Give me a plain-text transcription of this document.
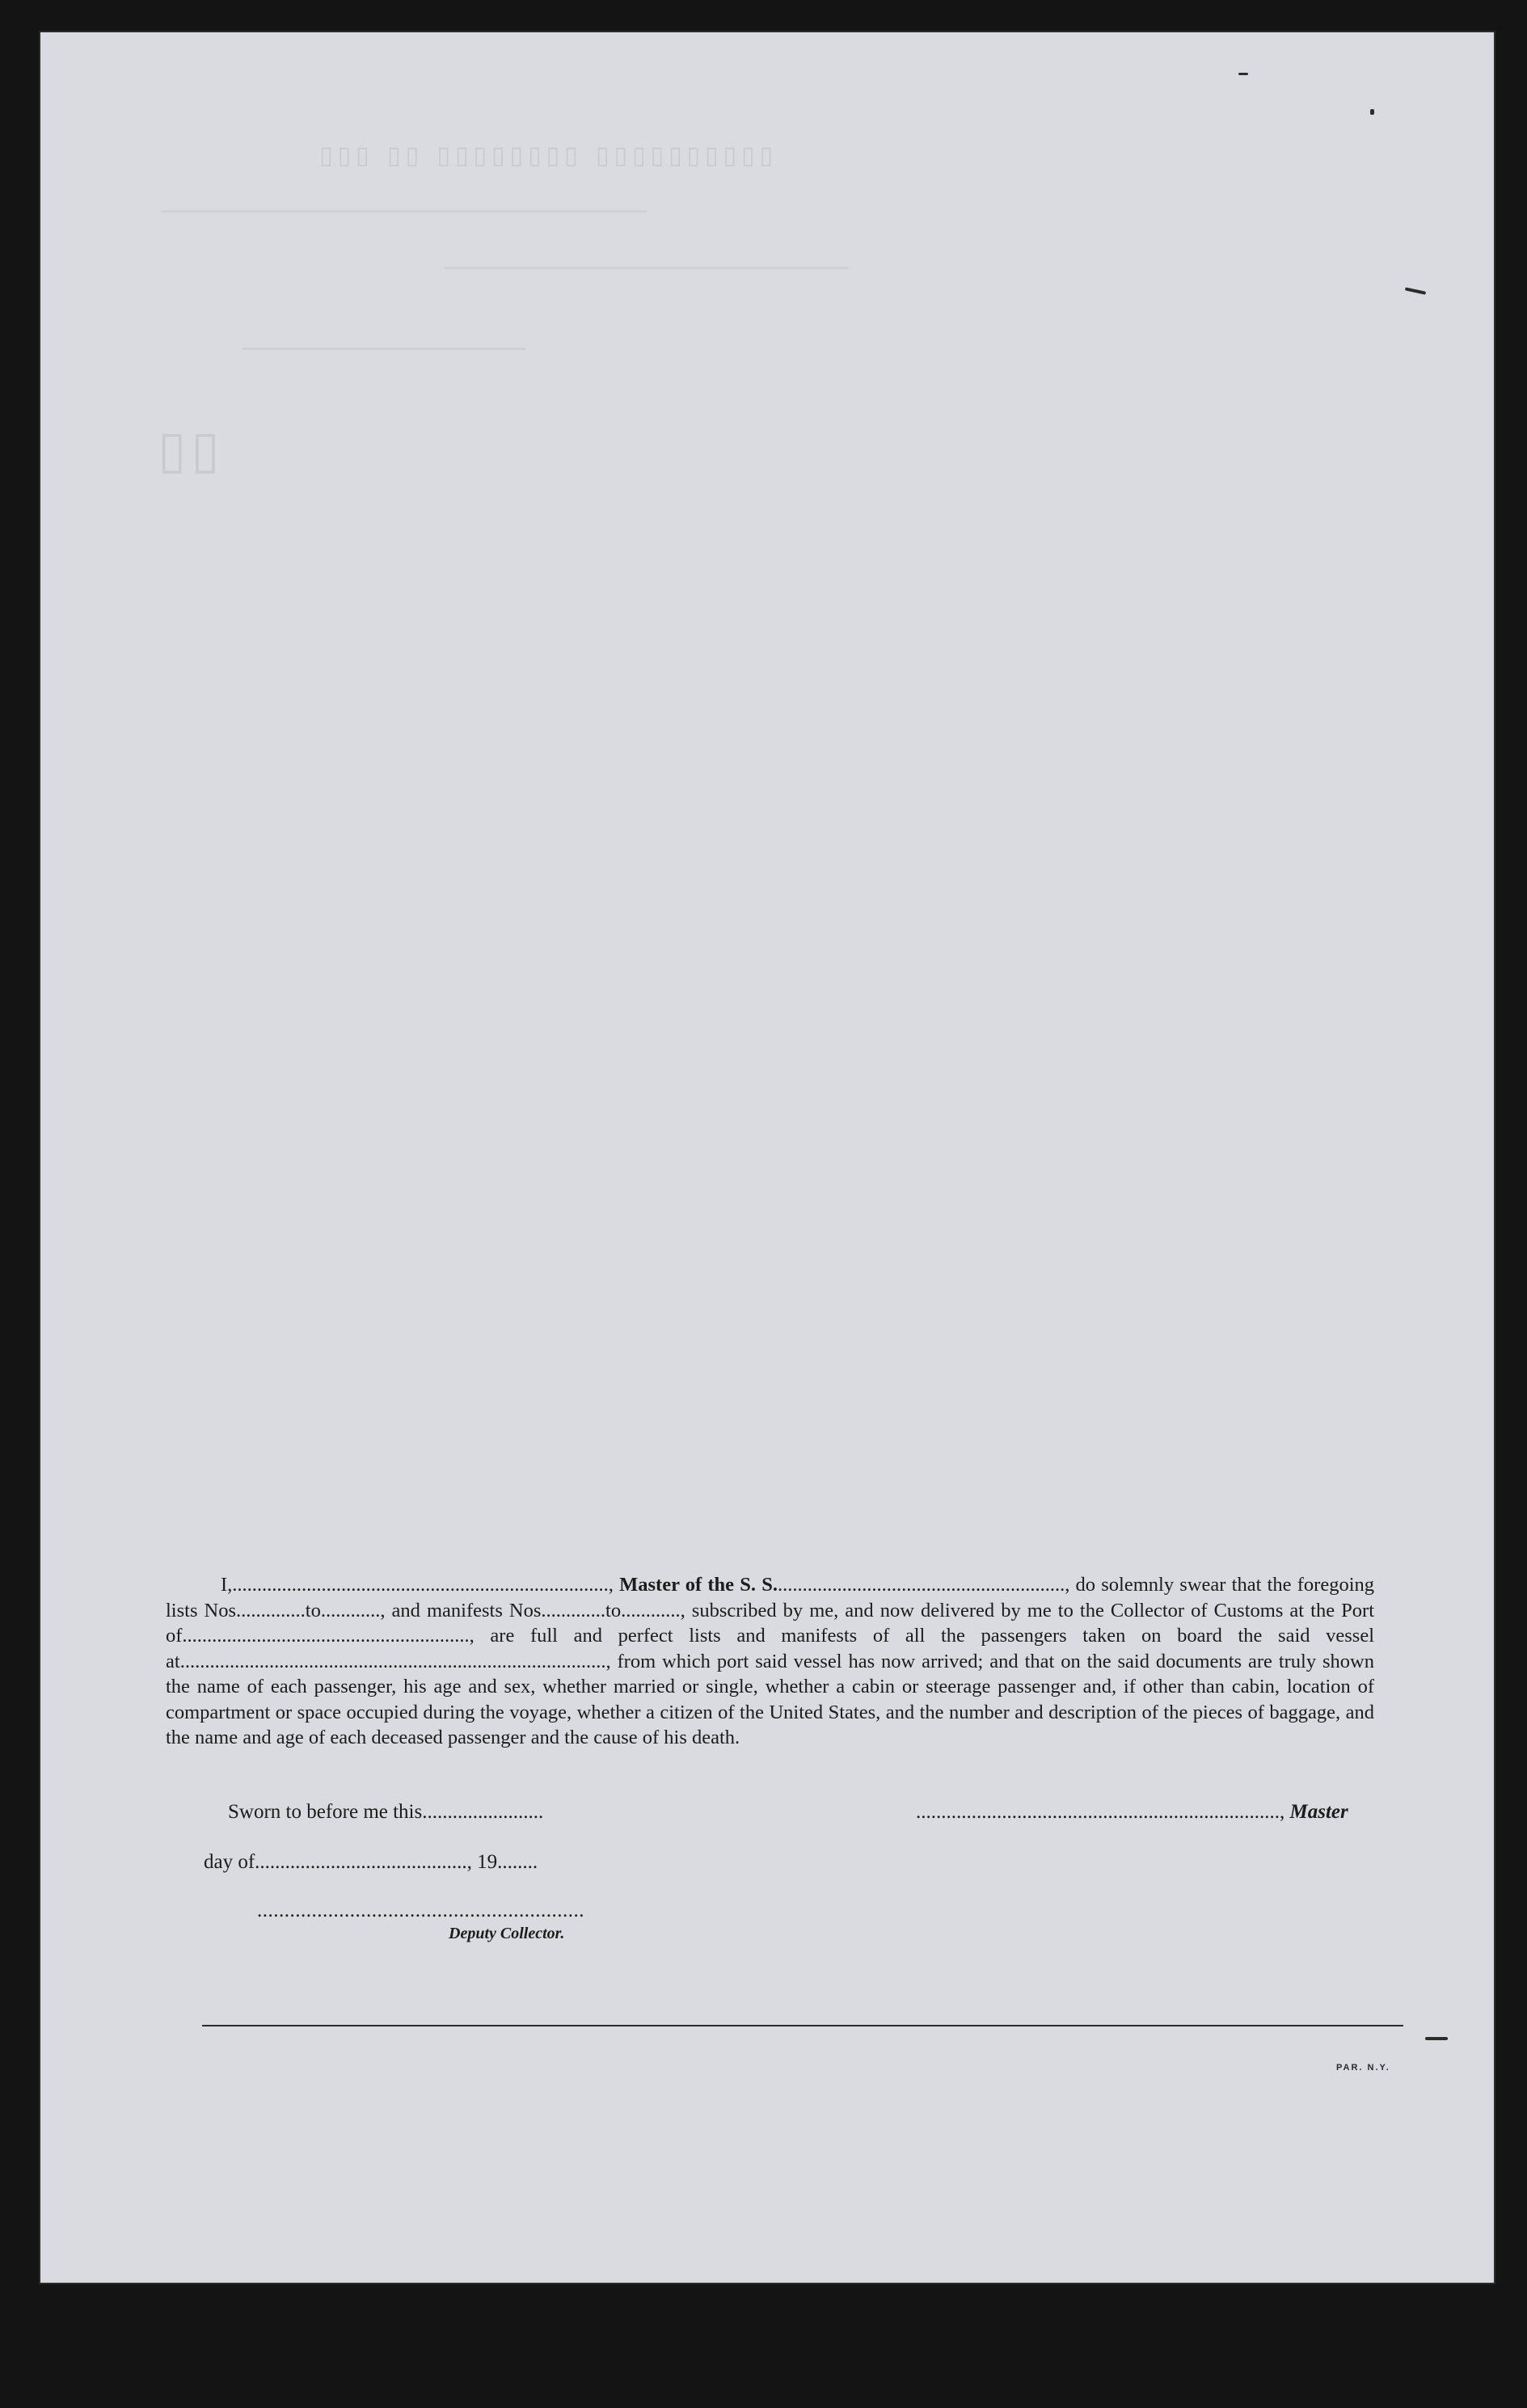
▯▯▯ ▯▯ ▯▯▯▯▯▯▯▯ ▯▯▯▯▯▯▯▯▯▯
▯▯
I,............................................................................, Master of the S. S..........................................................., do solemnly swear that the foregoing lists Nos..............to............, and manifests Nos.............to............, subscribed by me, and now delivered by me to the Collector of Customs at the Port of.........................................................., are full and perfect lists and manifests of all the passengers taken on board the said vessel at......................................................................................, from which port said vessel has now arrived; and that on the said documents are truly shown the name of each passenger, his age and sex, whether married or single, whether a cabin or steerage passenger and, if other than cabin, location of compartment or space occupied during the voyage, whether a citizen of the United States, and the number and description of the pieces of baggage, and the name and age of each deceased passenger and the cause of his death.
Sworn to before me this........................	........................................................................, Master
day of.........................................., 19........
............................................................
Deputy Collector.
PAR. N.Y.
